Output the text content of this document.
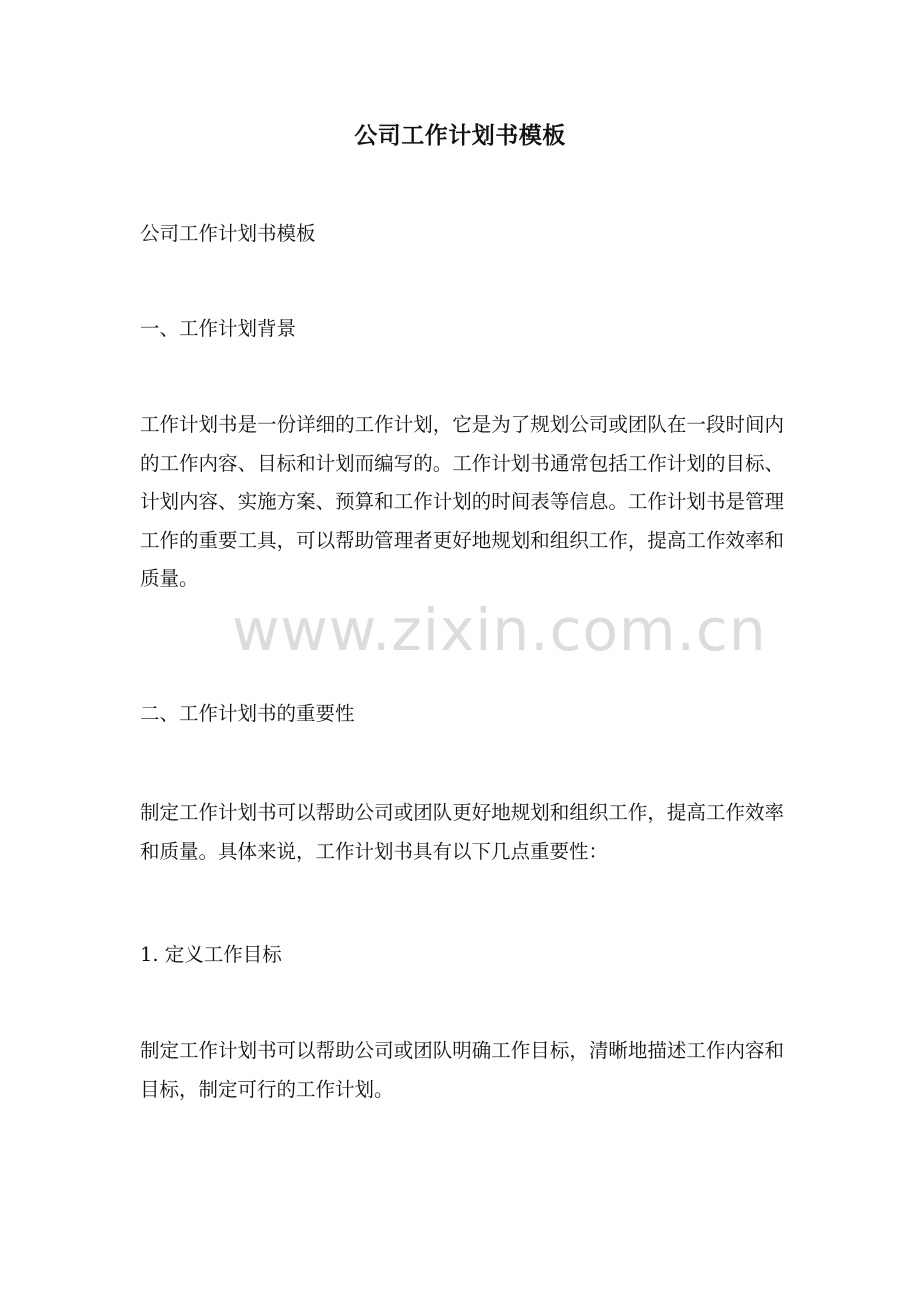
公司工作计划书模板

公司工作计划书模板

一、工作计划背景

工作计划书是一份详细的工作计划，它是为了规划公司或团队在一段时间内的工作内容、目标和计划而编写的。工作计划书通常包括工作计划的目标、计划内容、实施方案、预算和工作计划的时间表等信息。工作计划书是管理工作的重要工具，可以帮助管理者更好地规划和组织工作，提高工作效率和质量。

二、工作计划书的重要性

制定工作计划书可以帮助公司或团队更好地规划和组织工作，提高工作效率和质量。具体来说，工作计划书具有以下几点重要性：

1. 定义工作目标

制定工作计划书可以帮助公司或团队明确工作目标，清晰地描述工作内容和目标，制定可行的工作计划。

www.zixin.com.cn
